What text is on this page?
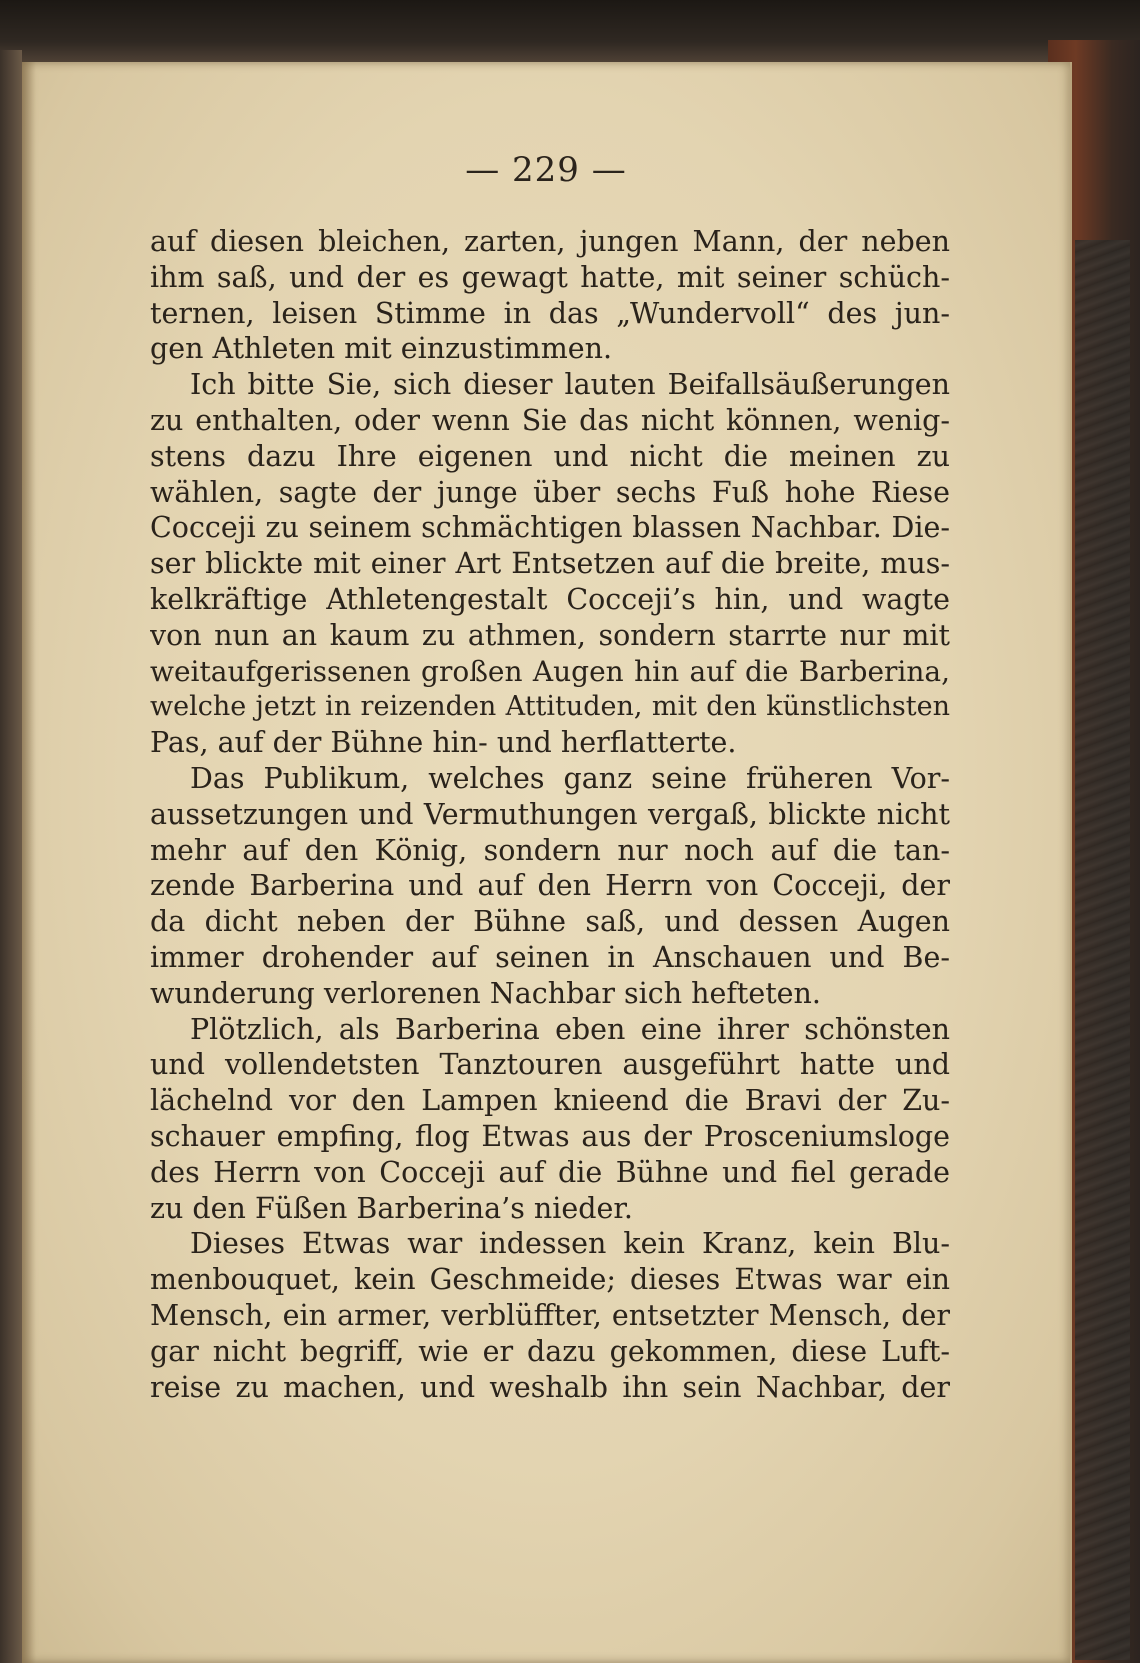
— 229 —
auf diesen bleichen, zarten, jungen Mann, der neben
ihm saß, und der es gewagt hatte, mit seiner schüch-
ternen, leisen Stimme in das „Wundervoll“ des jun-
gen Athleten mit einzustimmen.
Ich bitte Sie, sich dieser lauten Beifallsäußerungen
zu enthalten, oder wenn Sie das nicht können, wenig-
stens dazu Ihre eigenen und nicht die meinen zu
wählen, sagte der junge über sechs Fuß hohe Riese
Cocceji zu seinem schmächtigen blassen Nachbar. Die-
ser blickte mit einer Art Entsetzen auf die breite, mus-
kelkräftige Athletengestalt Cocceji’s hin, und wagte
von nun an kaum zu athmen, sondern starrte nur mit
weitaufgerissenen großen Augen hin auf die Barberina,
welche jetzt in reizenden Attituden, mit den künstlichsten
Pas, auf der Bühne hin- und herflatterte.
Das Publikum, welches ganz seine früheren Vor-
aussetzungen und Vermuthungen vergaß, blickte nicht
mehr auf den König, sondern nur noch auf die tan-
zende Barberina und auf den Herrn von Cocceji, der
da dicht neben der Bühne saß, und dessen Augen
immer drohender auf seinen in Anschauen und Be-
wunderung verlorenen Nachbar sich hefteten.
Plötzlich, als Barberina eben eine ihrer schönsten
und vollendetsten Tanztouren ausgeführt hatte und
lächelnd vor den Lampen knieend die Bravi der Zu-
schauer empfing, flog Etwas aus der Prosceniumsloge
des Herrn von Cocceji auf die Bühne und fiel gerade
zu den Füßen Barberina’s nieder.
Dieses Etwas war indessen kein Kranz, kein Blu-
menbouquet, kein Geschmeide; dieses Etwas war ein
Mensch, ein armer, verblüffter, entsetzter Mensch, der
gar nicht begriff, wie er dazu gekommen, diese Luft-
reise zu machen, und weshalb ihn sein Nachbar, der
